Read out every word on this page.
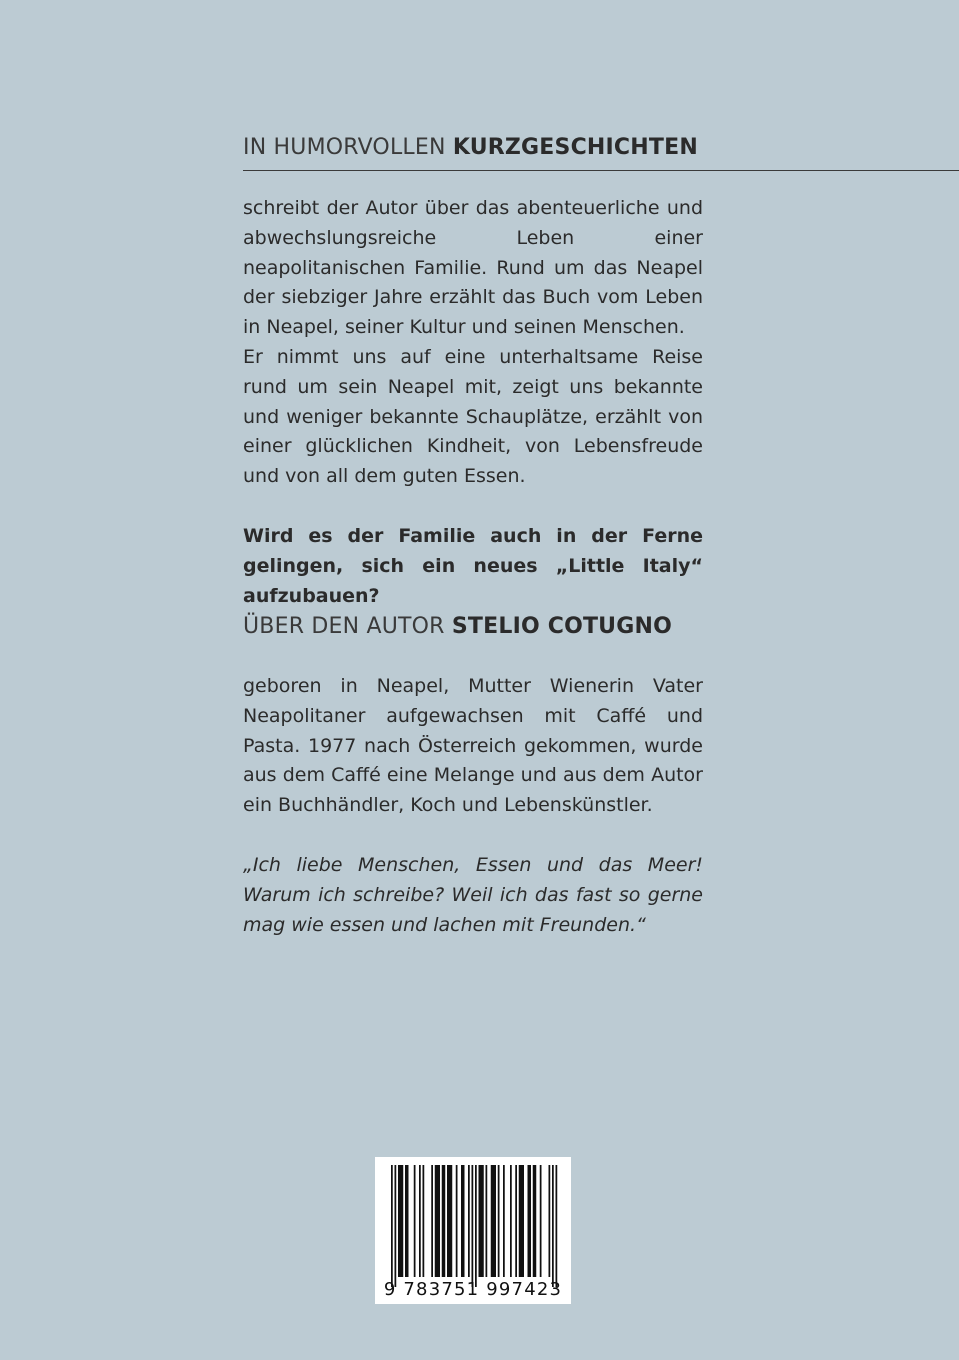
IN HUMORVOLLEN KURZGESCHICHTEN

schreibt der Autor über das abenteuerliche und abwechslungsreiche Leben einer neapolitanischen Familie. Rund um das Neapel der siebziger Jahre erzählt das Buch vom Leben in Neapel, seiner Kultur und seinen Menschen.

Er nimmt uns auf eine unterhaltsame Reise rund um sein Neapel mit, zeigt uns bekannte und weniger bekannte Schauplätze, erzählt von einer glücklichen Kindheit, von Lebensfreude und von all dem guten Essen.

Wird es der Familie auch in der Ferne gelingen, sich ein neues „Little Italy“ aufzubauen?

ÜBER DEN AUTOR STELIO COTUGNO

geboren in Neapel, Mutter Wienerin Vater Neapolitaner aufgewachsen mit Caffé und Pasta. 1977 nach Österreich gekommen, wurde aus dem Caffé eine Melange und aus dem Autor ein Buchhändler, Koch und Lebenskünstler.

„Ich liebe Menschen, Essen und das Meer! Warum ich schreibe? Weil ich das fast so gerne mag wie essen und lachen mit Freunden.“

9 783751 997423
